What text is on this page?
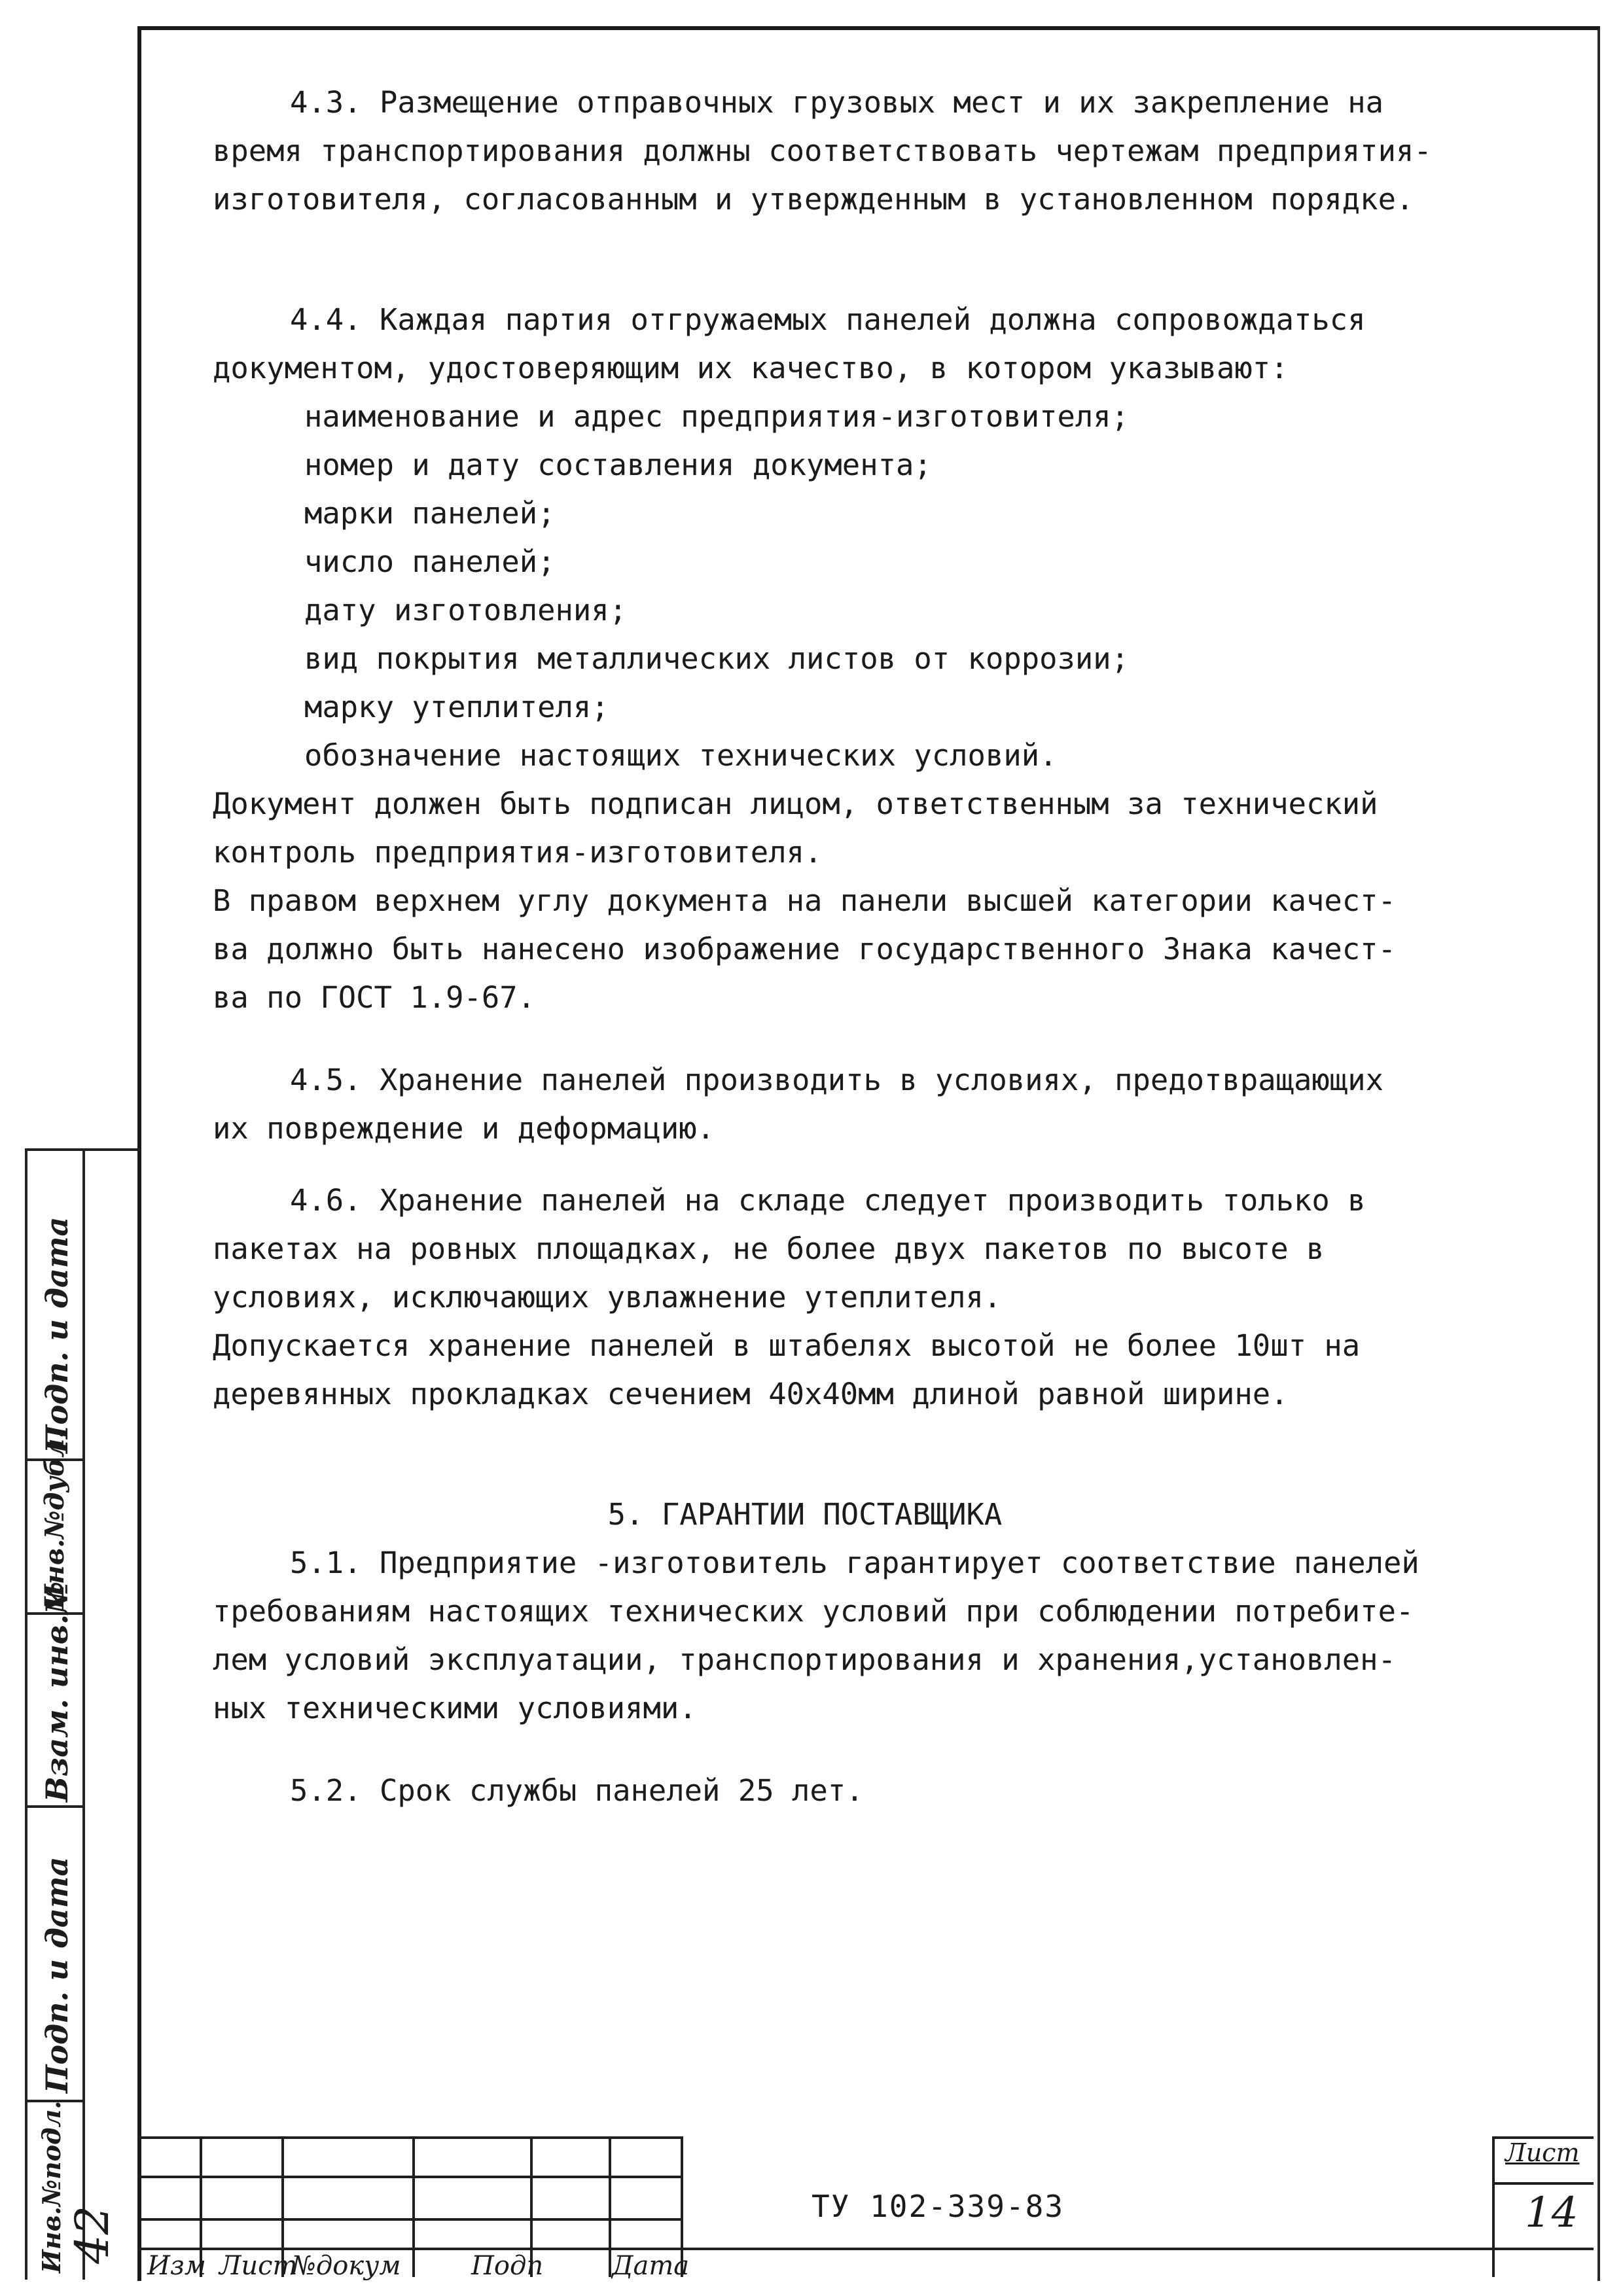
4.3. Размещение отправочных грузовых мест и их закрепление на

время транспортирования должны соответствовать чертежам предприятия-

изготовителя, согласованным и утвержденным в установленном порядке.

4.4. Каждая партия отгружаемых панелей должна сопровождаться

документом, удостоверяющим их качество, в котором указывают:

наименование и адрес предприятия-изготовителя;

номер и дату составления документа;

марки панелей;

число панелей;

дату изготовления;

вид покрытия металлических листов от коррозии;

марку утеплителя;

обозначение настоящих технических условий.

Документ должен быть подписан лицом, ответственным за технический

контроль предприятия-изготовителя.

В правом верхнем углу документа на панели высшей категории качест-

ва должно быть нанесено изображение государственного Знака качест-

ва по ГОСТ 1.9-67.

4.5. Хранение панелей производить в условиях, предотвращающих

их повреждение и деформацию.

4.6. Хранение панелей на складе следует производить только в

пакетах на ровных площадках, не более двух пакетов по высоте в

условиях, исключающих увлажнение утеплителя.

Допускается хранение панелей в штабелях высотой не более 10шт на

деревянных прокладках сечением 40х40мм длиной равной ширине.

5. ГАРАНТИИ ПОСТАВЩИКА

5.1. Предприятие -изготовитель гарантирует соответствие панелей

требованиям настоящих технических условий при соблюдении потребите-

лем условий эксплуатации, транспортирования и хранения,установлен-

ных техническими условиями.

5.2. Срок службы панелей 25 лет.

Инв.№подл.
Подп. и дата
Взам. инв.№
Инв.№дубл.
Подп. и дата
42	ТУ 102-339-83
Лист
14
Изм Лист
№докум	Подп	Дата
